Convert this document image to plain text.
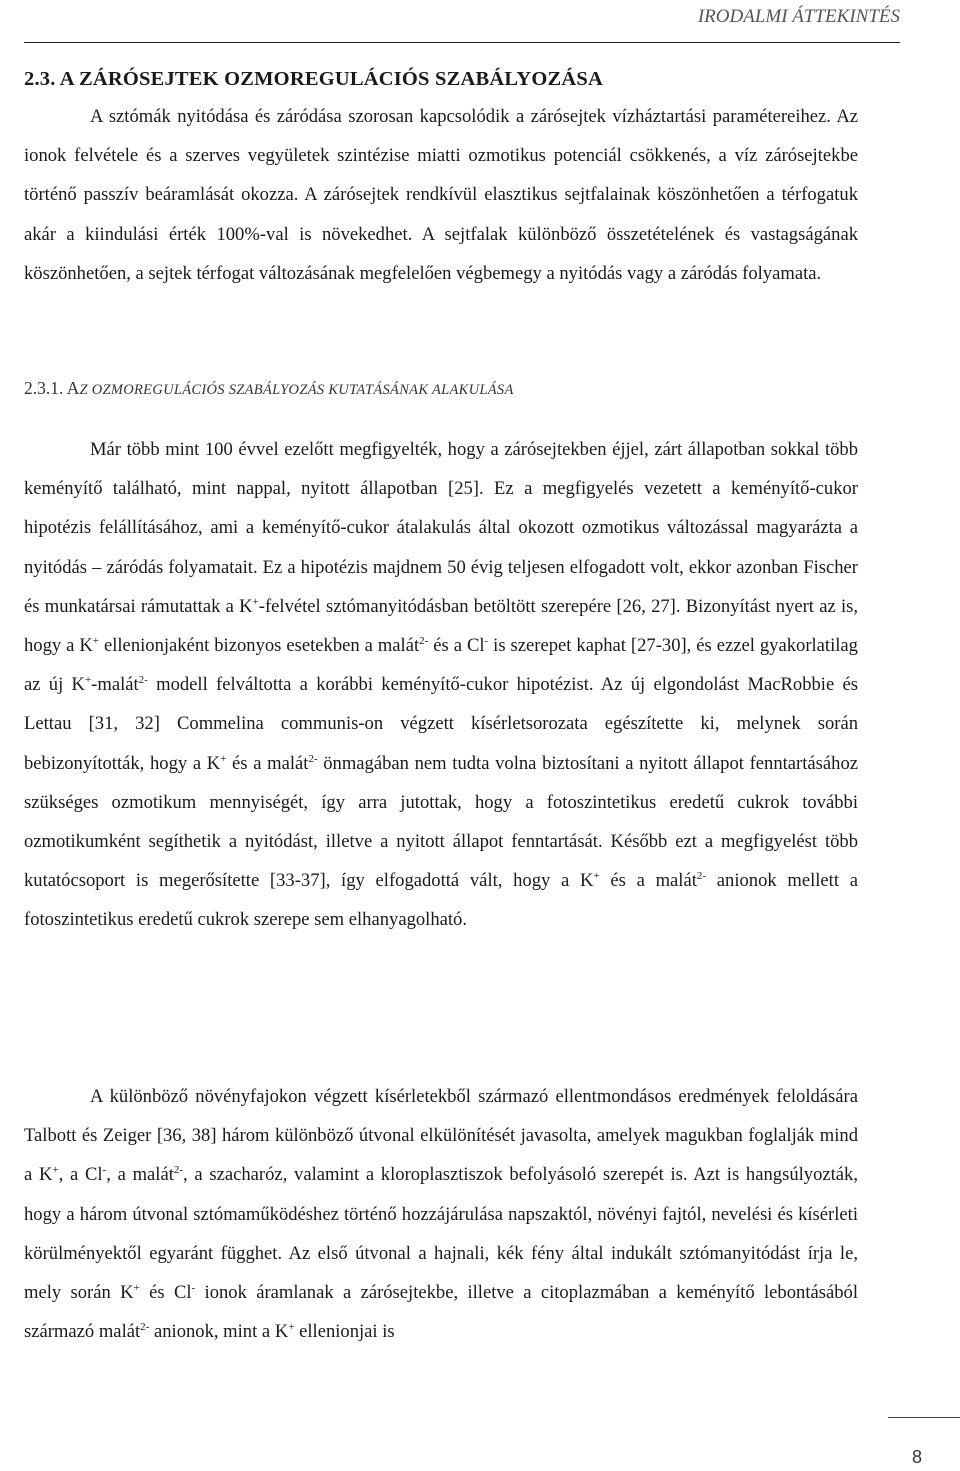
IRODALMI ÁTTEKINTÉS
2.3. A ZÁRÓSEJTEK OZMOREGULÁCIÓS SZABÁLYOZÁSA

A sztómák nyitódása és záródása szorosan kapcsolódik a zárósejtek vízháztartási paramétereihez. Az ionok felvétele és a szerves vegyületek szintézise miatti ozmotikus potenciál csökkenés, a víz zárósejtekbe történő passzív beáramlását okozza. A zárósejtek rendkívül elasztikus sejtfalainak köszönhetően a térfogatuk akár a kiindulási érték 100%-val is növekedhet. A sejtfalak különböző összetételének és vastagságának köszönhetően, a sejtek térfogat változásának megfelelően végbemegy a nyitódás vagy a záródás folyamata.

2.3.1. AZ OZMOREGULÁCIÓS SZABÁLYOZÁS KUTATÁSÁNAK ALAKULÁSA

Már több mint 100 évvel ezelőtt megfigyelték, hogy a zárósejtekben éjjel, zárt állapotban sokkal több keményítő található, mint nappal, nyitott állapotban [25]. Ez a megfigyelés vezetett a keményítő-cukor hipotézis felállításához, ami a keményítő-cukor átalakulás által okozott ozmotikus változással magyarázta a nyitódás – záródás folyamatait. Ez a hipotézis majdnem 50 évig teljesen elfogadott volt, ekkor azonban Fischer és munkatársai rámutattak a K+-felvétel sztómanyitódásban betöltött szerepére [26, 27]. Bizonyítást nyert az is, hogy a K+ ellenionjaként bizonyos esetekben a malát$^{2-}$ és a Cl- is szerepet kaphat [27-30], és ezzel gyakorlatilag az új K+-malát$^{2-}$ modell felváltotta a korábbi keményítő-cukor hipotézist. Az új elgondolást MacRobbie és Lettau [31, 32] Commelina communis-on végzett kísérletsorozata egészítette ki, melynek során bebizonyították, hogy a K+ és a malát$^{2-}$ önmagában nem tudta volna biztosítani a nyitott állapot fenntartásához szükséges ozmotikum mennyiségét, így arra jutottak, hogy a fotoszintetikus eredetű cukrok további ozmotikumként segíthetik a nyitódást, illetve a nyitott állapot fenntartását. Később ezt a megfigyelést több kutatócsoport is megerősítette [33-37], így elfogadottá vált, hogy a K+ és a malát$^{2-}$ anionok mellett a fotoszintetikus eredetű cukrok szerepe sem elhanyagolható.

A különböző növényfajokon végzett kísérletekből származó ellentmondásos eredmények feloldására Talbott és Zeiger [36, 38] három különböző útvonal elkülönítését javasolta, amelyek magukban foglalják mind a K+, a Cl-, a malát$^{2-}$, a szacharóz, valamint a kloroplasztiszok befolyásoló szerepét is. Azt is hangsúlyozták, hogy a három útvonal sztómaműködéshez történő hozzájárulása napszaktól, növényi fajtól, nevelési és kísérleti körülményektől egyaránt függhet. Az első útvonal a hajnali, kék fény által indukált sztómanyitódást írja le, mely során K+ és Cl- ionok áramlanak a zárósejtekbe, illetve a citoplazmában a keményítő lebontásából származó malát$^{2-}$ anionok, mint a K+ ellenionjai is

8
